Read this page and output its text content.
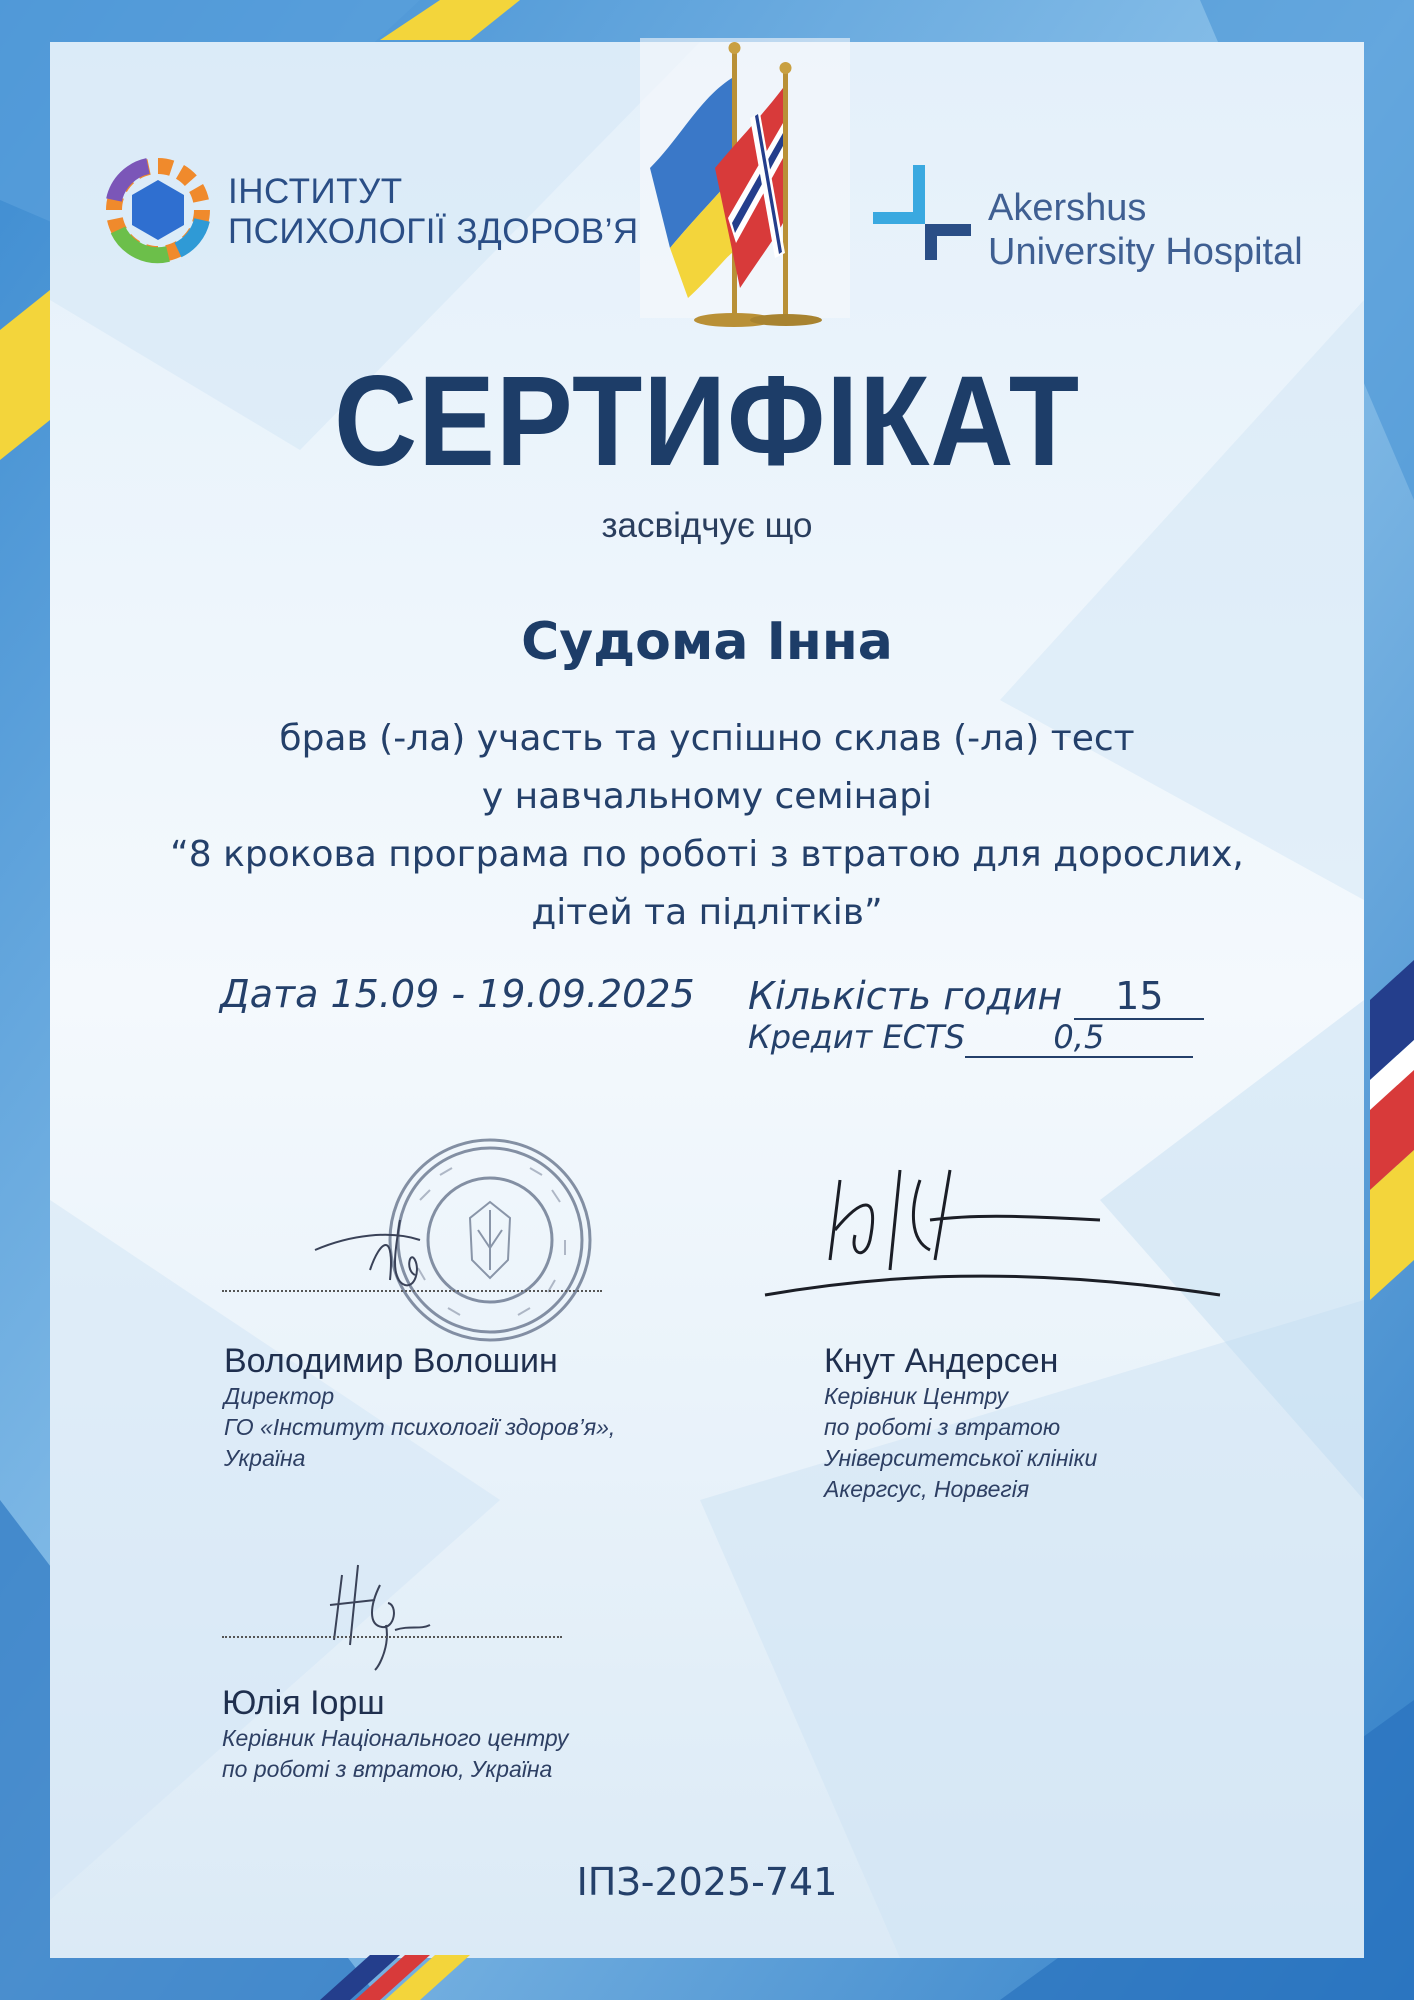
ІНСТИТУТ
ПСИХОЛОГІЇ ЗДОРОВ’Я
Akershus
University Hospital
СЕРТИФІКАТ
засвідчує що
Судома Інна
брав (-ла) участь та успішно склав (-ла) тест
у навчальному семінарі
“8 крокова програма по роботі з втратою для дорослих,
дітей та підлітків”
Дата 15.09 - 19.09.2025 Кількість годин 15
Кредит ECTS	0,5
Володимир Волошин
Директор
ГО «Інститут психології здоров’я»,
Україна
Кнут Андерсен
Керівник Центру
по роботі з втратою
Університетської клініки
Акергсус, Норвегія
Юлія Іорш
Керівник Національного центру
по роботі з втратою, Україна
ІПЗ-2025-741
